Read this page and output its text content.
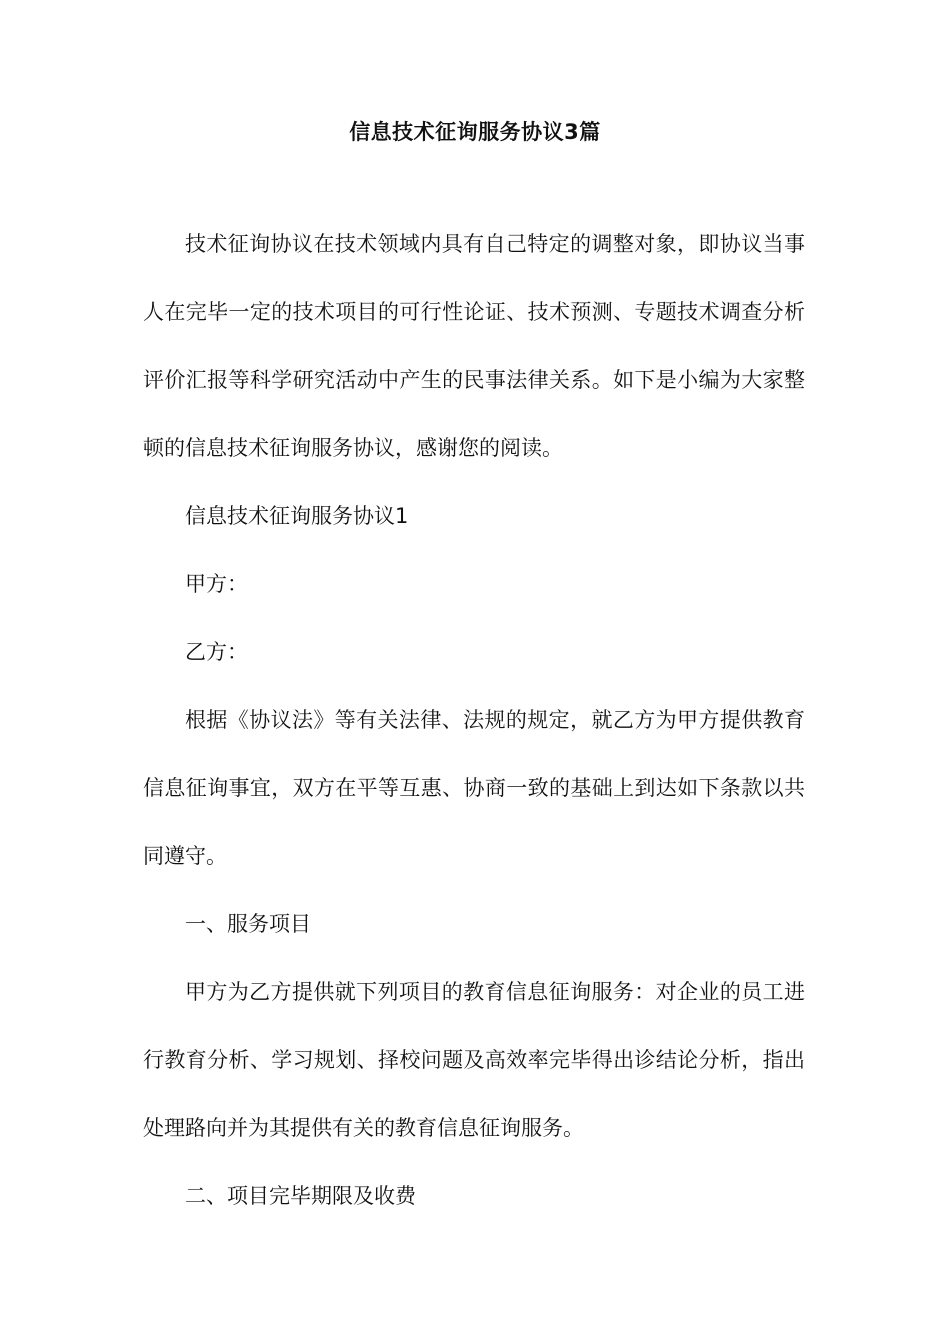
信息技术征询服务协议3篇

技术征询协议在技术领域内具有自己特定的调整对象，即协议当事人在完毕一定的技术项目的可行性论证、技术预测、专题技术调查分析评价汇报等科学研究活动中产生的民事法律关系。如下是小编为大家整顿的信息技术征询服务协议，感谢您的阅读。

信息技术征询服务协议1

甲方：

乙方：

根据《协议法》等有关法律、法规的规定，就乙方为甲方提供教育信息征询事宜，双方在平等互惠、协商一致的基础上到达如下条款以共同遵守。

一、服务项目

甲方为乙方提供就下列项目的教育信息征询服务：对企业的员工进行教育分析、学习规划、择校问题及高效率完毕得出诊结论分析，指出处理路向并为其提供有关的教育信息征询服务。

二、项目完毕期限及收费
